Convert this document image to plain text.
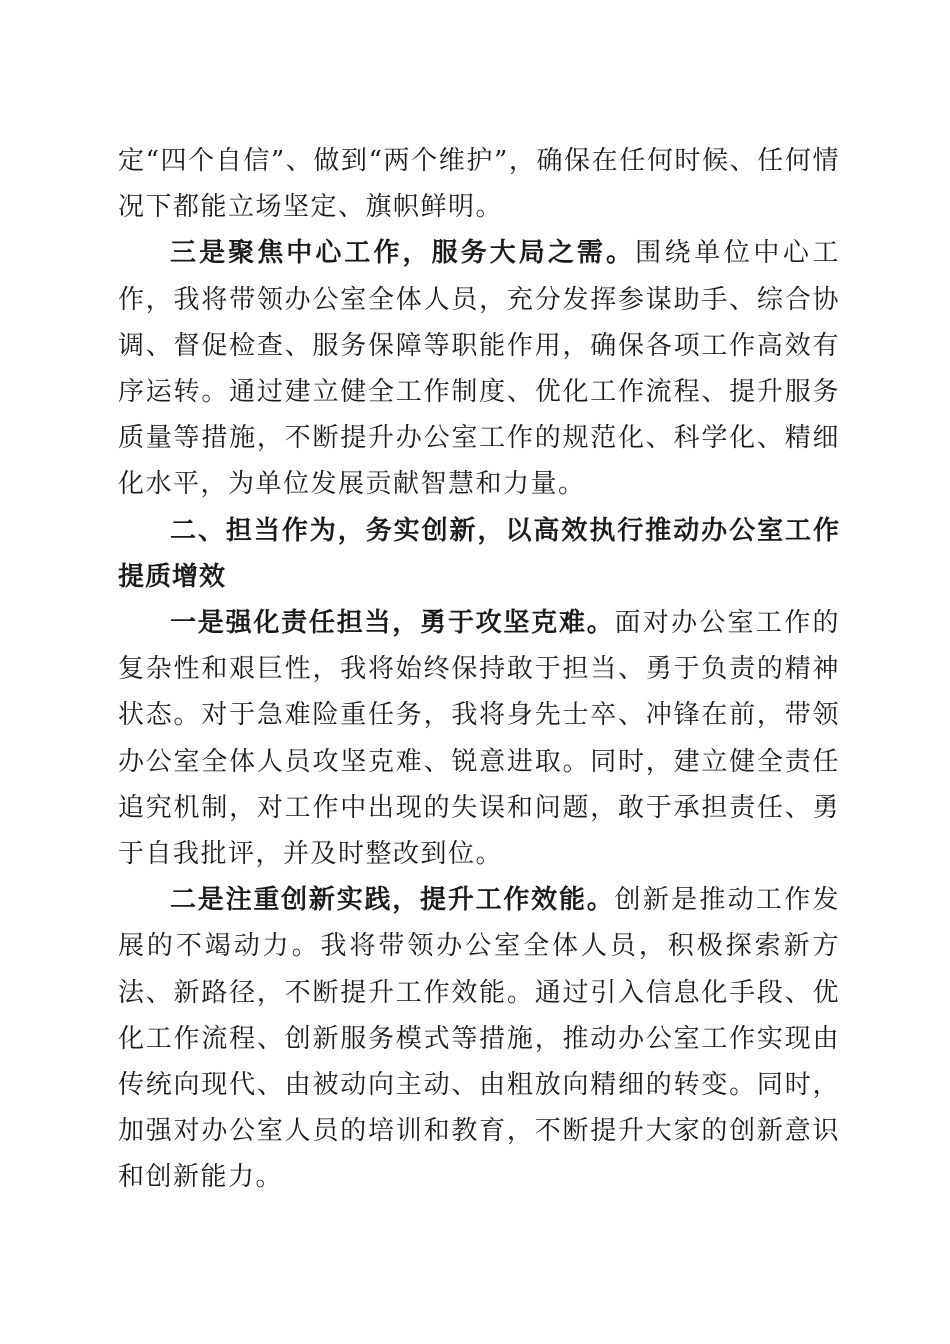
定“四个自信”、做到“两个维护”，确保在任何时候、任何情况下都能立场坚定、旗帜鲜明。

三是聚焦中心工作，服务大局之需。围绕单位中心工作，我将带领办公室全体人员，充分发挥参谋助手、综合协调、督促检查、服务保障等职能作用，确保各项工作高效有序运转。通过建立健全工作制度、优化工作流程、提升服务质量等措施，不断提升办公室工作的规范化、科学化、精细化水平，为单位发展贡献智慧和力量。

二、担当作为，务实创新，以高效执行推动办公室工作提质增效

一是强化责任担当，勇于攻坚克难。面对办公室工作的复杂性和艰巨性，我将始终保持敢于担当、勇于负责的精神状态。对于急难险重任务，我将身先士卒、冲锋在前，带领办公室全体人员攻坚克难、锐意进取。同时，建立健全责任追究机制，对工作中出现的失误和问题，敢于承担责任、勇于自我批评，并及时整改到位。

二是注重创新实践，提升工作效能。创新是推动工作发展的不竭动力。我将带领办公室全体人员，积极探索新方法、新路径，不断提升工作效能。通过引入信息化手段、优化工作流程、创新服务模式等措施，推动办公室工作实现由传统向现代、由被动向主动、由粗放向精细的转变。同时，加强对办公室人员的培训和教育，不断提升大家的创新意识和创新能力。
